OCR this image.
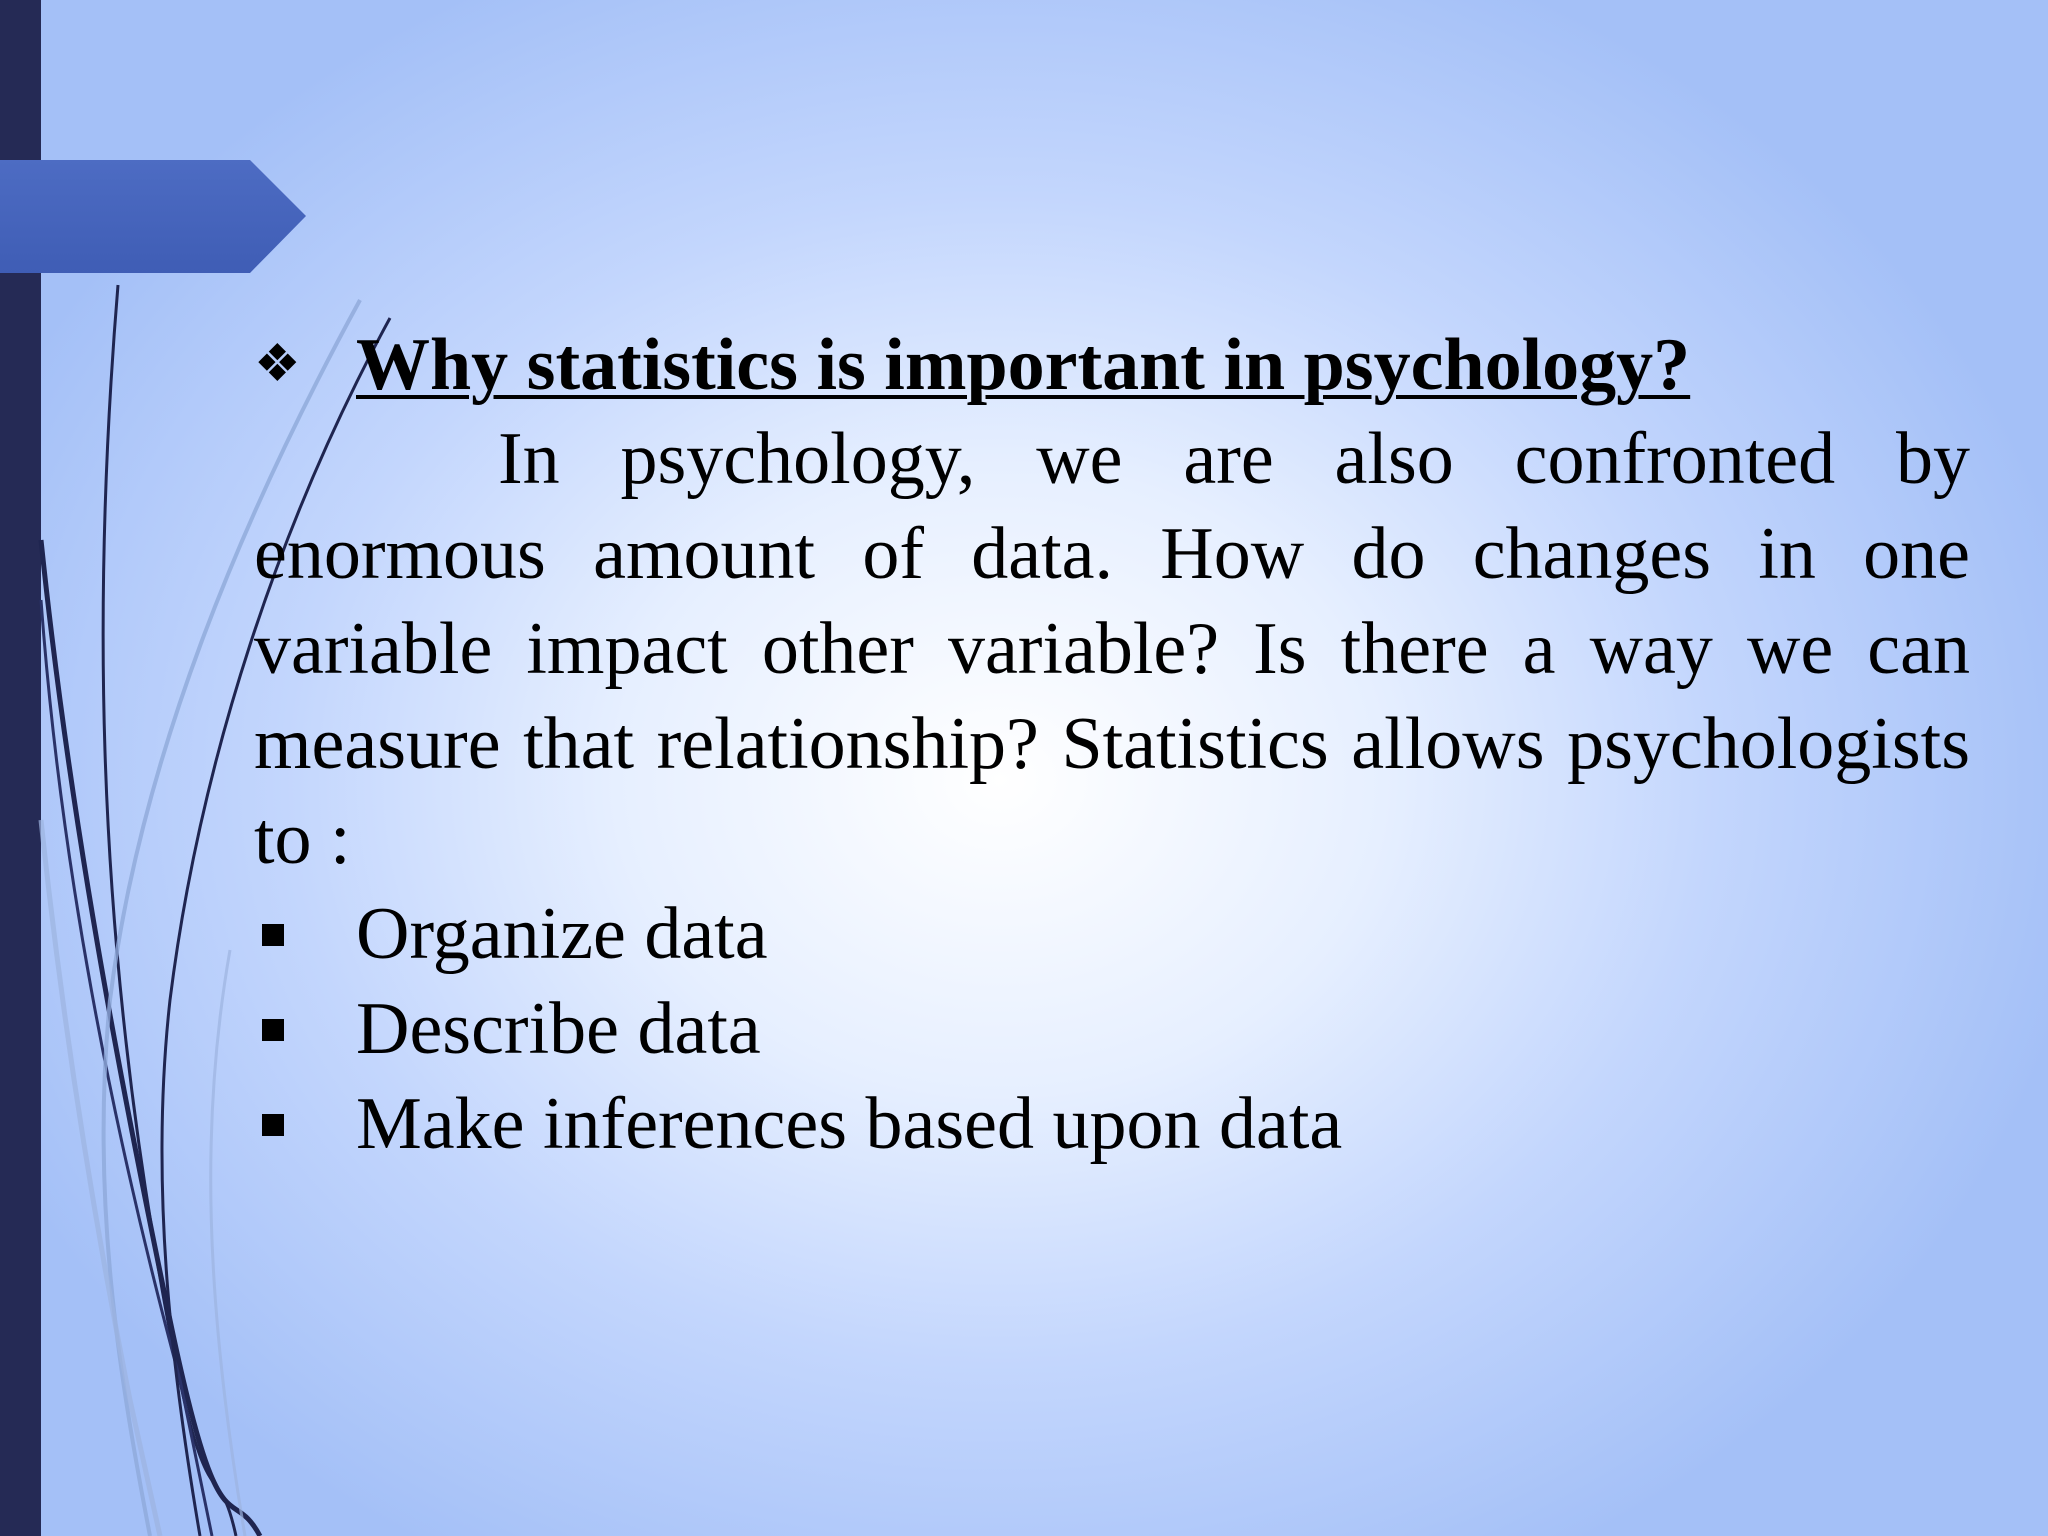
❖ Why statistics is important in psychology?

In psychology, we are also confronted by enormous amount of data. How do changes in one variable impact other variable? Is there a way we can measure that relationship? Statistics allows psychologists to :

Organize data
Describe data
Make inferences based upon data
